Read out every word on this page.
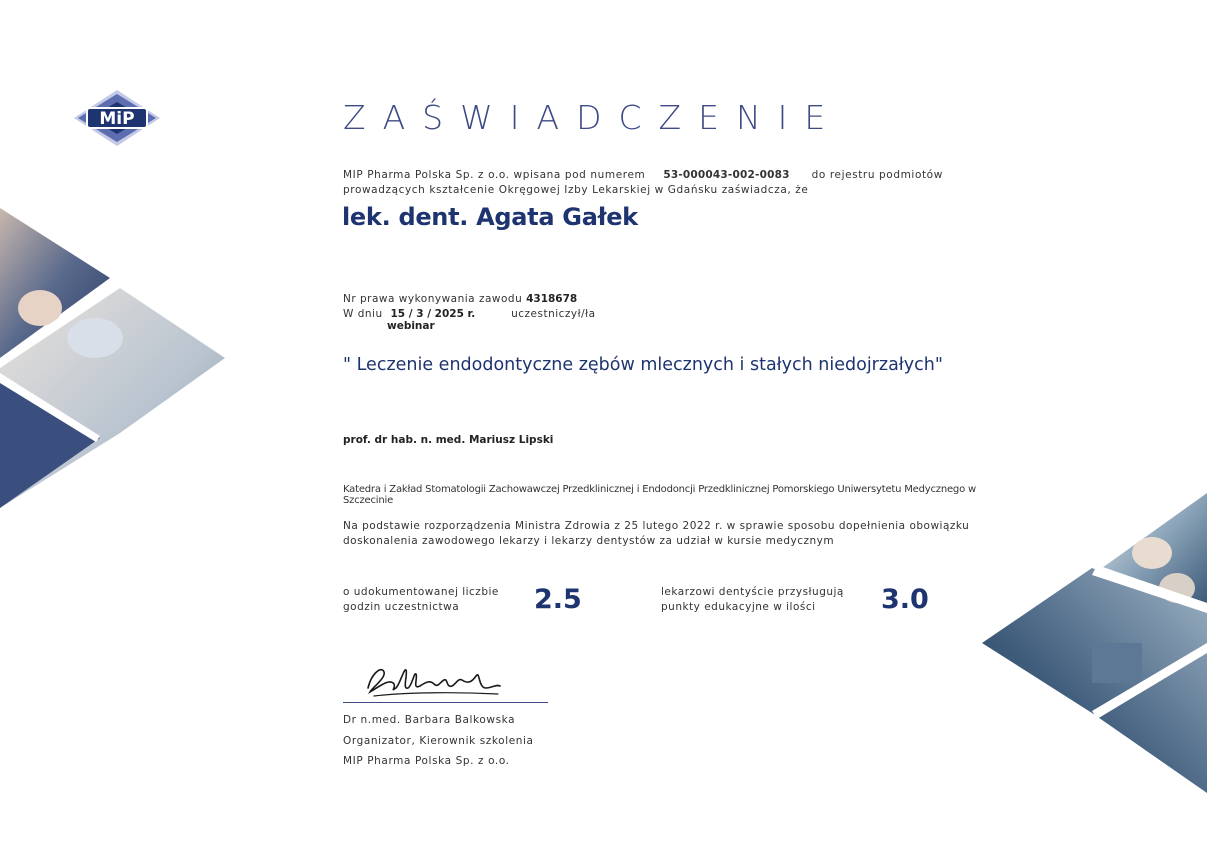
MiP	ZAŚWIADCZENIE
MIP Pharma Polska Sp. z o.o. wpisana pod numerem 53-000043-002-0083 do rejestru podmiotów prowadzących kształcenie Okręgowej Izby Lekarskiej w Gdańsku zaświadcza, że
lek. dent. Agata Gałek
Nr prawa wykonywania zawodu 4318678
W dniu 15 / 3 / 2025 r.	uczestniczył/ła webinar
" Leczenie endodontyczne zębów mlecznych i stałych niedojrzałych"
prof. dr hab. n. med. Mariusz Lipski
Katedra i Zakład Stomatologii Zachowawczej Przedklinicznej i Endodoncji Przedklinicznej Pomorskiego Uniwersytetu Medycznego w Szczecinie
Na podstawie rozporządzenia Ministra Zdrowia z 25 lutego 2022 r. w sprawie sposobu dopełnienia obowiązku doskonalenia zawodowego lekarzy i lekarzy dentystów za udział w kursie medycznym
o udokumentowanej liczbie godzin uczestnictwa	2.5	lekarzowi dentyście przysługują punkty edukacyjne w ilości	3.0
Dr n.med. Barbara Balkowska
Organizator, Kierownik szkolenia
MIP Pharma Polska Sp. z o.o.
